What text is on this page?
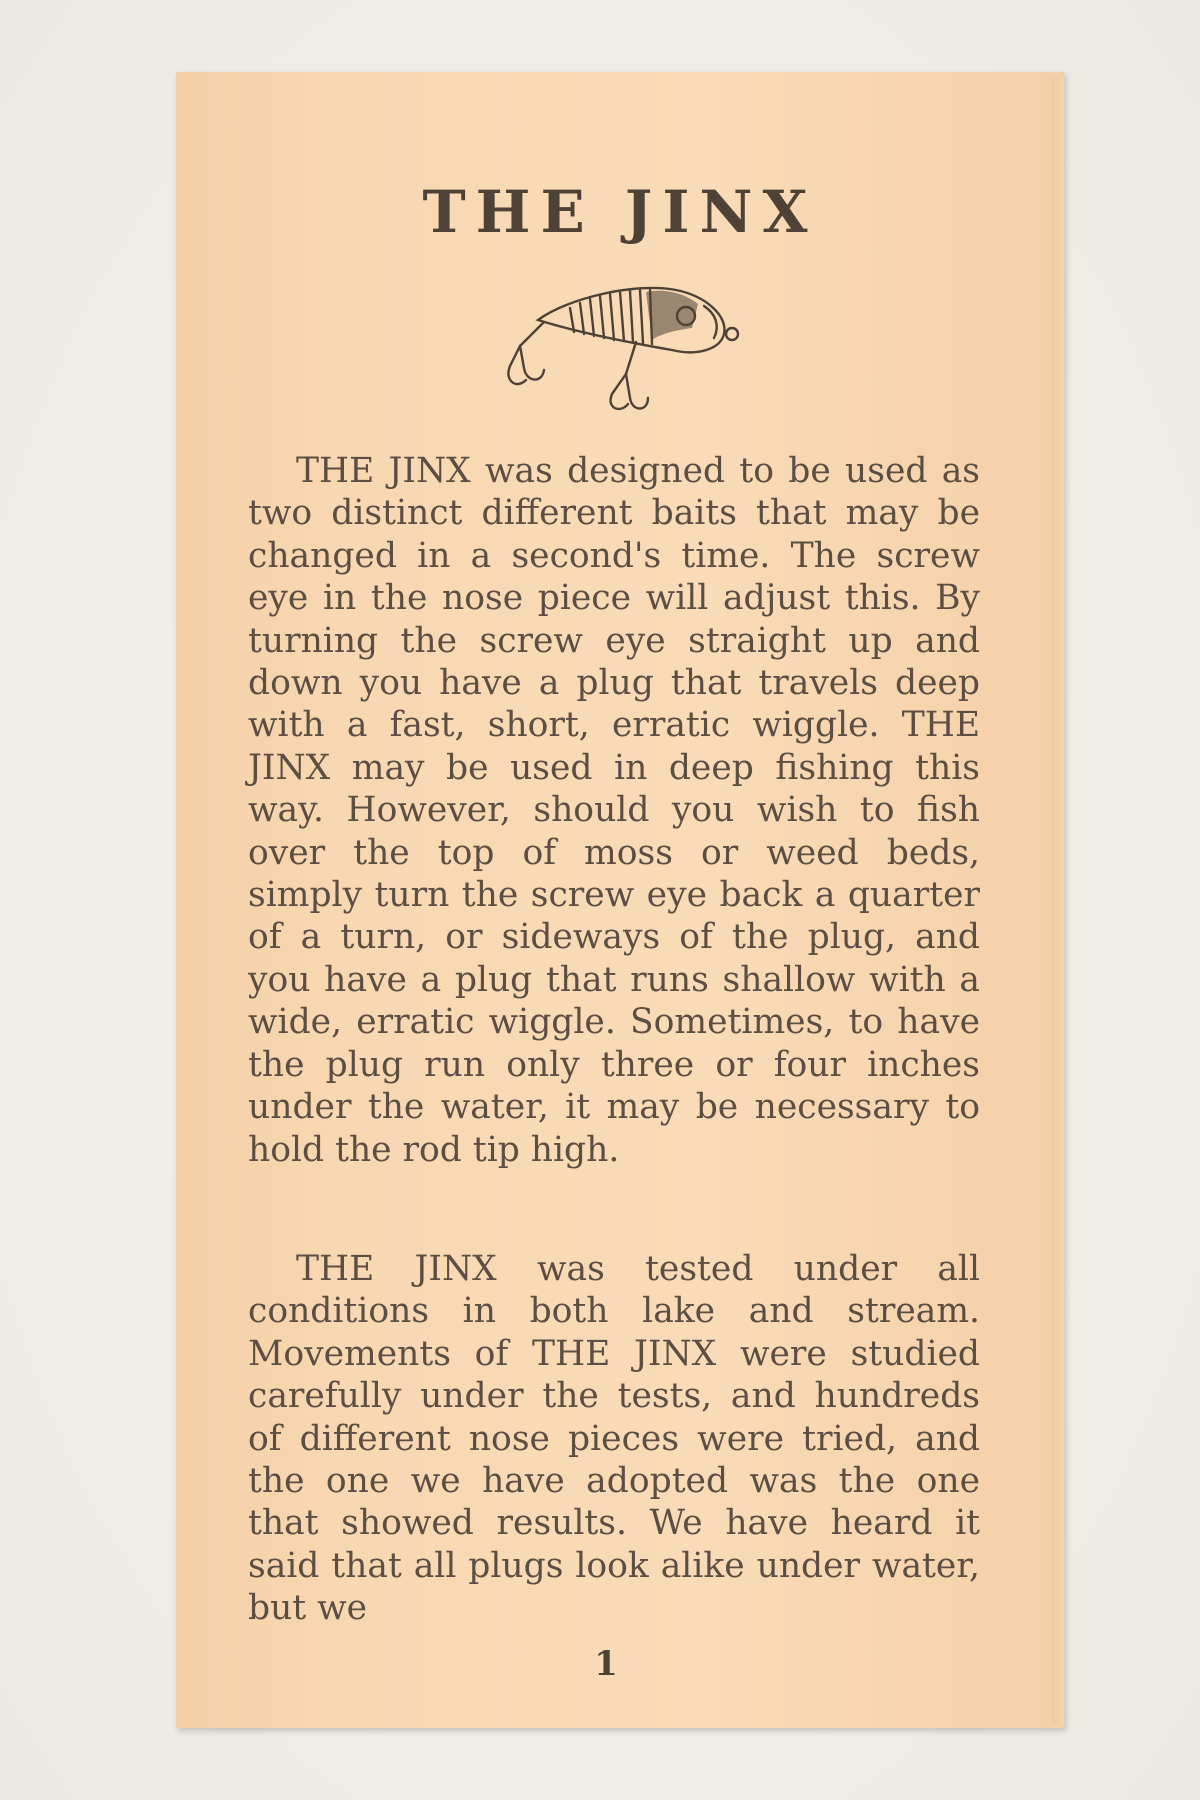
THE JINX

THE JINX was designed to be used as two distinct different baits that may be changed in a second's time. The screw eye in the nose piece will adjust this. By turning the screw eye straight up and down you have a plug that travels deep with a fast, short, erratic wiggle. THE JINX may be used in deep fishing this way. However, should you wish to fish over the top of moss or weed beds, simply turn the screw eye back a quarter of a turn, or sideways of the plug, and you have a plug that runs shallow with a wide, erratic wiggle. Sometimes, to have the plug run only three or four inches under the water, it may be necessary to hold the rod tip high.

THE JINX was tested under all conditions in both lake and stream. Movements of THE JINX were studied carefully under the tests, and hundreds of different nose pieces were tried, and the one we have adopted was the one that showed results. We have heard it said that all plugs look alike under water, but we

1
